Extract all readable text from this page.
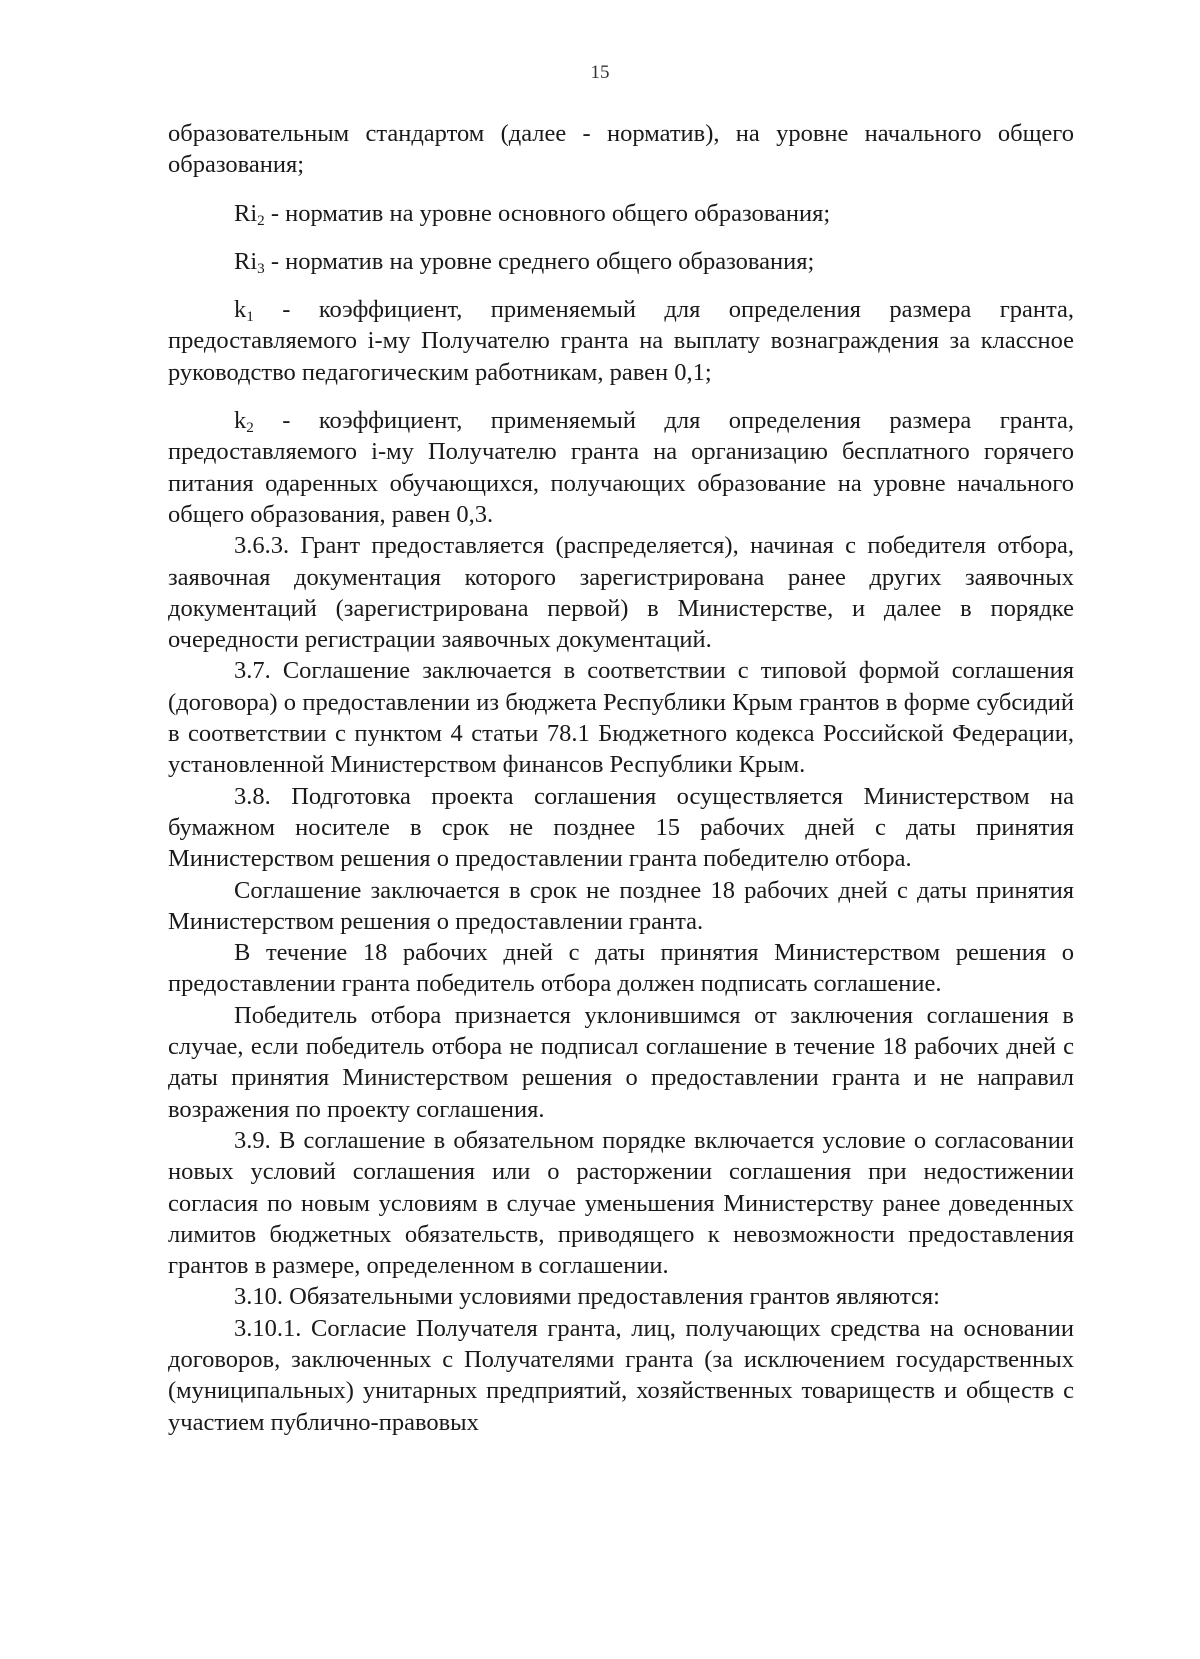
15

образовательным стандартом (далее - норматив), на уровне начального общего образования;

$Ri_2$ - норматив на уровне основного общего образования;

$Ri_3$ - норматив на уровне среднего общего образования;

$k_1$ - коэффициент, применяемый для определения размера гранта, предоставляемого i-му Получателю гранта на выплату вознаграждения за классное руководство педагогическим работникам, равен 0,1;

$k_2$ - коэффициент, применяемый для определения размера гранта, предоставляемого i-му Получателю гранта на организацию бесплатного горячего питания одаренных обучающихся, получающих образование на уровне начального общего образования, равен 0,3.

3.6.3. Грант предоставляется (распределяется), начиная с победителя отбора, заявочная документация которого зарегистрирована ранее других заявочных документаций (зарегистрирована первой) в Министерстве, и далее в порядке очередности регистрации заявочных документаций.

3.7. Соглашение заключается в соответствии с типовой формой соглашения (договора) о предоставлении из бюджета Республики Крым грантов в форме субсидий в соответствии с пунктом 4 статьи 78.1 Бюджетного кодекса Российской Федерации, установленной Министерством финансов Республики Крым.

3.8. Подготовка проекта соглашения осуществляется Министерством на бумажном носителе в срок не позднее 15 рабочих дней с даты принятия Министерством решения о предоставлении гранта победителю отбора.

Соглашение заключается в срок не позднее 18 рабочих дней с даты принятия Министерством решения о предоставлении гранта.

В течение 18 рабочих дней с даты принятия Министерством решения о предоставлении гранта победитель отбора должен подписать соглашение.

Победитель отбора признается уклонившимся от заключения соглашения в случае, если победитель отбора не подписал соглашение в течение 18 рабочих дней с даты принятия Министерством решения о предоставлении гранта и не направил возражения по проекту соглашения.

3.9. В соглашение в обязательном порядке включается условие о согласовании новых условий соглашения или о расторжении соглашения при недостижении согласия по новым условиям в случае уменьшения Министерству ранее доведенных лимитов бюджетных обязательств, приводящего к невозможности предоставления грантов в размере, определенном в соглашении.

3.10. Обязательными условиями предоставления грантов являются:

3.10.1. Согласие Получателя гранта, лиц, получающих средства на основании договоров, заключенных с Получателями гранта (за исключением государственных (муниципальных) унитарных предприятий, хозяйственных товариществ и обществ с участием публично-правовых
